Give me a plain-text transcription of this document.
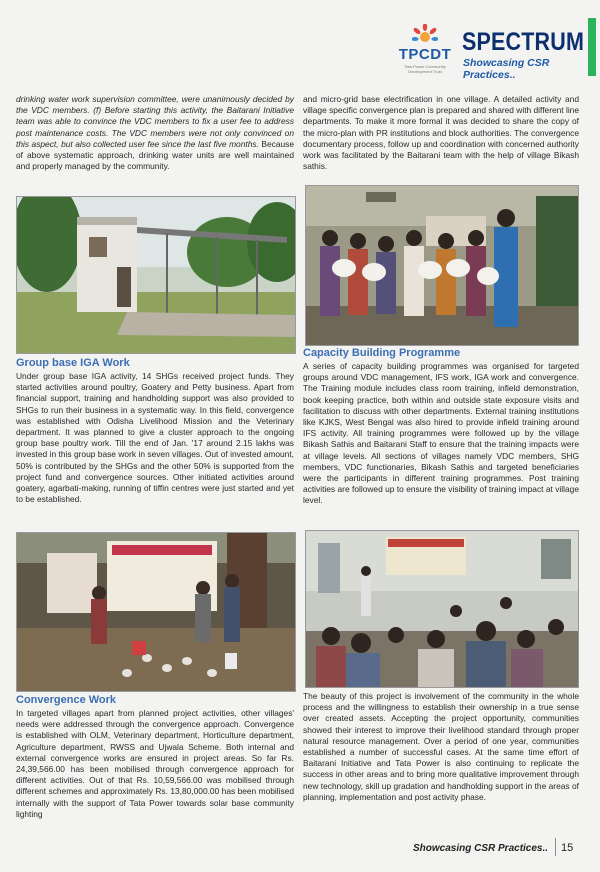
TPCDT
Tata Power Community Development Trust
SPECTRUM
Showcasing CSR Practices..

drinking water work supervision committee, were unanimously decided by the VDC members. (f) Before starting this activity, the Baitarani Initiative team was able to convince the VDC members to fix a user fee to address post maintenance costs. The VDC members were not only convinced on this aspect, but also collected user fee since the last five months. Because of above systematic approach, drinking water units are well maintained and properly managed by the community.

Group base IGA Work

Under group base IGA activity, 14 SHGs received project funds. They started activities around poultry, Goatery and Petty business. Apart from financial support, training and handholding support was also provided to SHGs to run their business in a systematic way. In this field, convergence was established with Odisha Livelihood Mission and the Veterinary department. It was planned to give a cluster approach to the ongoing group base poultry work. Till the end of Jan. '17 around 2.15 lakhs was invested in this group base work in seven villages. Out of invested amount, 50% is contributed by the SHGs and the other 50% is supported from the project fund and convergence sources. Other initiated activities around goatery, agarbati-making, running of tiffin centres were just started and yet to be established.

Convergence Work

In targeted villages apart from planned project activities, other villages' needs were addressed through the convergence approach. Convergence is established with OLM, Veterinary department, Horticulture department, Agriculture department, RWSS and Ujwala Scheme. Both internal and external convergence works are ensured in project areas. So far Rs. 24,39,566.00 has been mobilised through convergence approach for different activities. Out of that Rs. 10,59,566.00 was mobilised through different schemes and approximately Rs. 13,80,000.00 has been mobilised internally with the support of Tata Power towards solar base community lighting

and micro-grid base electrification in one village. A detailed activity and village specific convergence plan is prepared and shared with different line departments. To make it more formal it was decided to share the copy of the micro-plan with PR institutions and block authorities. The convergence documentary process, follow up and coordination with concerned authority work was facilitated by the Baitarani team with the help of village Bikash sathis.

Capacity Building Programme

A series of capacity building programmes was organised for targeted groups around VDC management, IFS work, IGA work and convergence. The Training module includes class room training, infield demonstration, book keeping practice, both within and outside state exposure visits and facilitation to discuss with other departments. External training institutions like KJKS, West Bengal was also hired to provide infield training around IFS activity. All training programmes were followed up by the village Bikash Sathis and Baitarani Staff to ensure that the training impacts were at village levels. All sections of villages namely VDC members, SHG members, VDC functionaries, Bikash Sathis and targeted beneficiaries were the participants in different training programmes. Post training activities are followed up to ensure the visibility of training impact at village level.

The beauty of this project is involvement of the community in the whole process and the willingness to establish their ownership in a true sense over created assets. Accepting the project opportunity, communities showed their interest to improve their livelihood standard through proper natural resource management. Over a period of one year, communities established a number of successful cases. At the same time effort of Baitarani Initiative and Tata Power is also continuing to replicate the success in other areas and to bring more qualitative improvement through new technology, skill up gradation and handholding support in the areas of planning, implementation and post activity phase.

Showcasing CSR Practices.. 15
